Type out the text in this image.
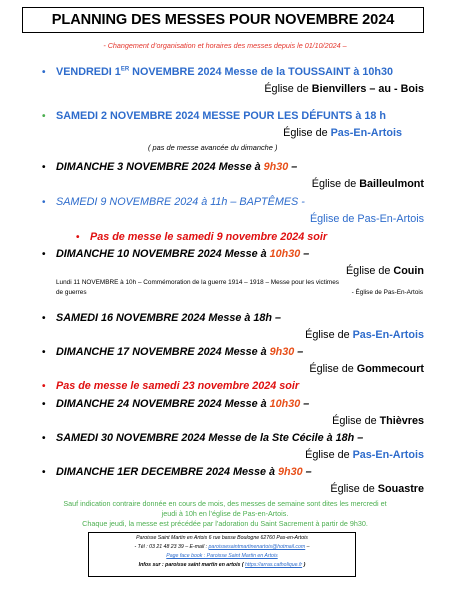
PLANNING DES MESSES POUR NOVEMBRE 2024
- Changement d’organisation et horaires des messes depuis le 01/10/2024 –
• VENDREDI 1ER NOVEMBRE 2024 Messe de la TOUSSAINT à 10h30
Église de Bienvillers – au - Bois
• SAMEDI 2 NOVEMBRE 2024 MESSE POUR LES DÉFUNTS à 18 h
Église de Pas-En-Artois
( pas de messe avancée du dimanche )
• DIMANCHE 3 NOVEMBRE 2024 Messe à 9h30 –
Église de Bailleulmont
• SAMEDI 9 NOVEMBRE 2024 à 11h – BAPTÊMES -
Église de Pas-En-Artois
• Pas de messe le samedi 9 novembre 2024 soir
• DIMANCHE 10 NOVEMBRE 2024 Messe à 10h30 –
Église de Couin
Lundi 11 NOVEMBRE à 10h – Commémoration de la guerre 1914 – 1918 – Messe pour les victimes
de guerres	- Église de Pas-En-Artois
• SAMEDI 16 NOVEMBRE 2024 Messe à 18h –
Église de Pas-En-Artois
• DIMANCHE 17 NOVEMBRE 2024 Messe à 9h30 –
Église de Gommecourt
• Pas de messe le samedi 23 novembre 2024 soir
• DIMANCHE 24 NOVEMBRE 2024 Messe à 10h30 –
Église de Thièvres
• SAMEDI 30 NOVEMBRE 2024 Messe de la Ste Cécile à 18h –
Église de Pas-En-Artois
• DIMANCHE 1ER DECEMBRE 2024 Messe à 9h30 –
Église de Souastre
Sauf indication contraire donnée en cours de mois, des messes de semaine sont dites les mercredi et
jeudi à 10h en l’église de Pas-en-Artois.
Chaque jeudi, la messe est précédée par l’adoration du Saint Sacrement à partir de 9h30.
Paroisse Saint Martin en Artois 6 rue basse Boulogne 62760 Pas-en-Artois
- Tél : 03 21 48 23 39 – E-mail : paroissesaintmartinenartois@hotmail.com –
Page face book : Paroisse Saint Martin en Artois
Infos sur : paroisse saint martin en artois ( https://arras.catholique.fr )
